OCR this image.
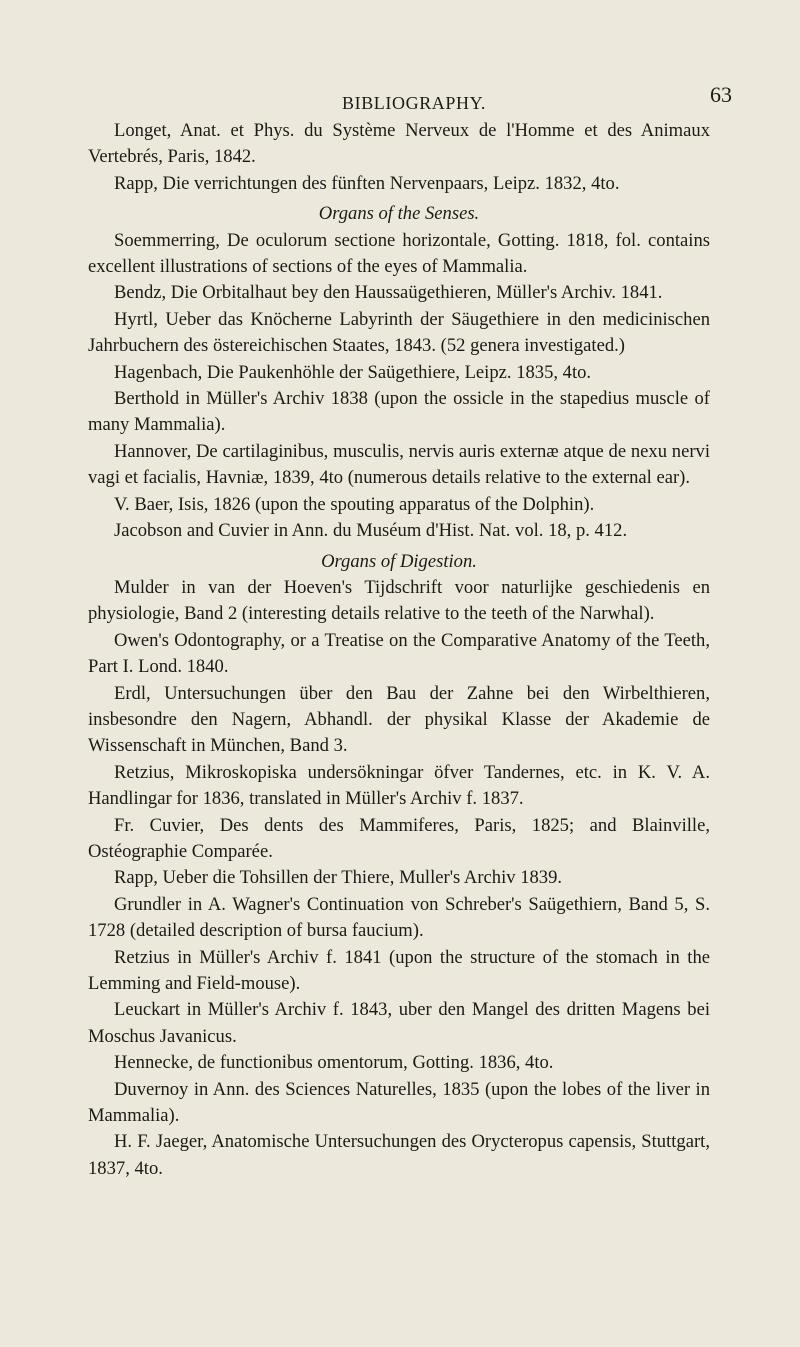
BIBLIOGRAPHY.	63

Longet, Anat. et Phys. du Système Nerveux de l'Homme et des Animaux Vertebrés, Paris, 1842.

Rapp, Die verrichtungen des fünften Nervenpaars, Leipz. 1832, 4to.

Organs of the Senses.

Soemmerring, De oculorum sectione horizontale, Gotting. 1818, fol. contains excellent illustrations of sections of the eyes of Mammalia.

Bendz, Die Orbitalhaut bey den Haussaügethieren, Müller's Archiv. 1841.

Hyrtl, Ueber das Knöcherne Labyrinth der Säugethiere in den medicinischen Jahrbuchern des östereichischen Staates, 1843. (52 genera investigated.)

Hagenbach, Die Paukenhöhle der Saügethiere, Leipz. 1835, 4to.

Berthold in Müller's Archiv 1838 (upon the ossicle in the stapedius muscle of many Mammalia).

Hannover, De cartilaginibus, musculis, nervis auris externæ atque de nexu nervi vagi et facialis, Havniæ, 1839, 4to (numerous details relative to the external ear).

V. Baer, Isis, 1826 (upon the spouting apparatus of the Dolphin).

Jacobson and Cuvier in Ann. du Muséum d'Hist. Nat. vol. 18, p. 412.

Organs of Digestion.

Mulder in van der Hoeven's Tijdschrift voor naturlijke geschiedenis en physiologie, Band 2 (interesting details relative to the teeth of the Narwhal).

Owen's Odontography, or a Treatise on the Comparative Anatomy of the Teeth, Part I. Lond. 1840.

Erdl, Untersuchungen über den Bau der Zahne bei den Wirbelthieren, insbesondre den Nagern, Abhandl. der physikal Klasse der Akademie de Wissenschaft in München, Band 3.

Retzius, Mikroskopiska undersökningar öfver Tandernes, etc. in K. V. A. Handlingar for 1836, translated in Müller's Archiv f. 1837.

Fr. Cuvier, Des dents des Mammiferes, Paris, 1825; and Blainville, Ostéographie Comparée.

Rapp, Ueber die Tohsillen der Thiere, Muller's Archiv 1839.

Grundler in A. Wagner's Continuation von Schreber's Saügethiern, Band 5, S. 1728 (detailed description of bursa faucium).

Retzius in Müller's Archiv f. 1841 (upon the structure of the stomach in the Lemming and Field-mouse).

Leuckart in Müller's Archiv f. 1843, uber den Mangel des dritten Magens bei Moschus Javanicus.

Hennecke, de functionibus omentorum, Gotting. 1836, 4to.

Duvernoy in Ann. des Sciences Naturelles, 1835 (upon the lobes of the liver in Mammalia).

H. F. Jaeger, Anatomische Untersuchungen des Orycteropus capensis, Stuttgart, 1837, 4to.
